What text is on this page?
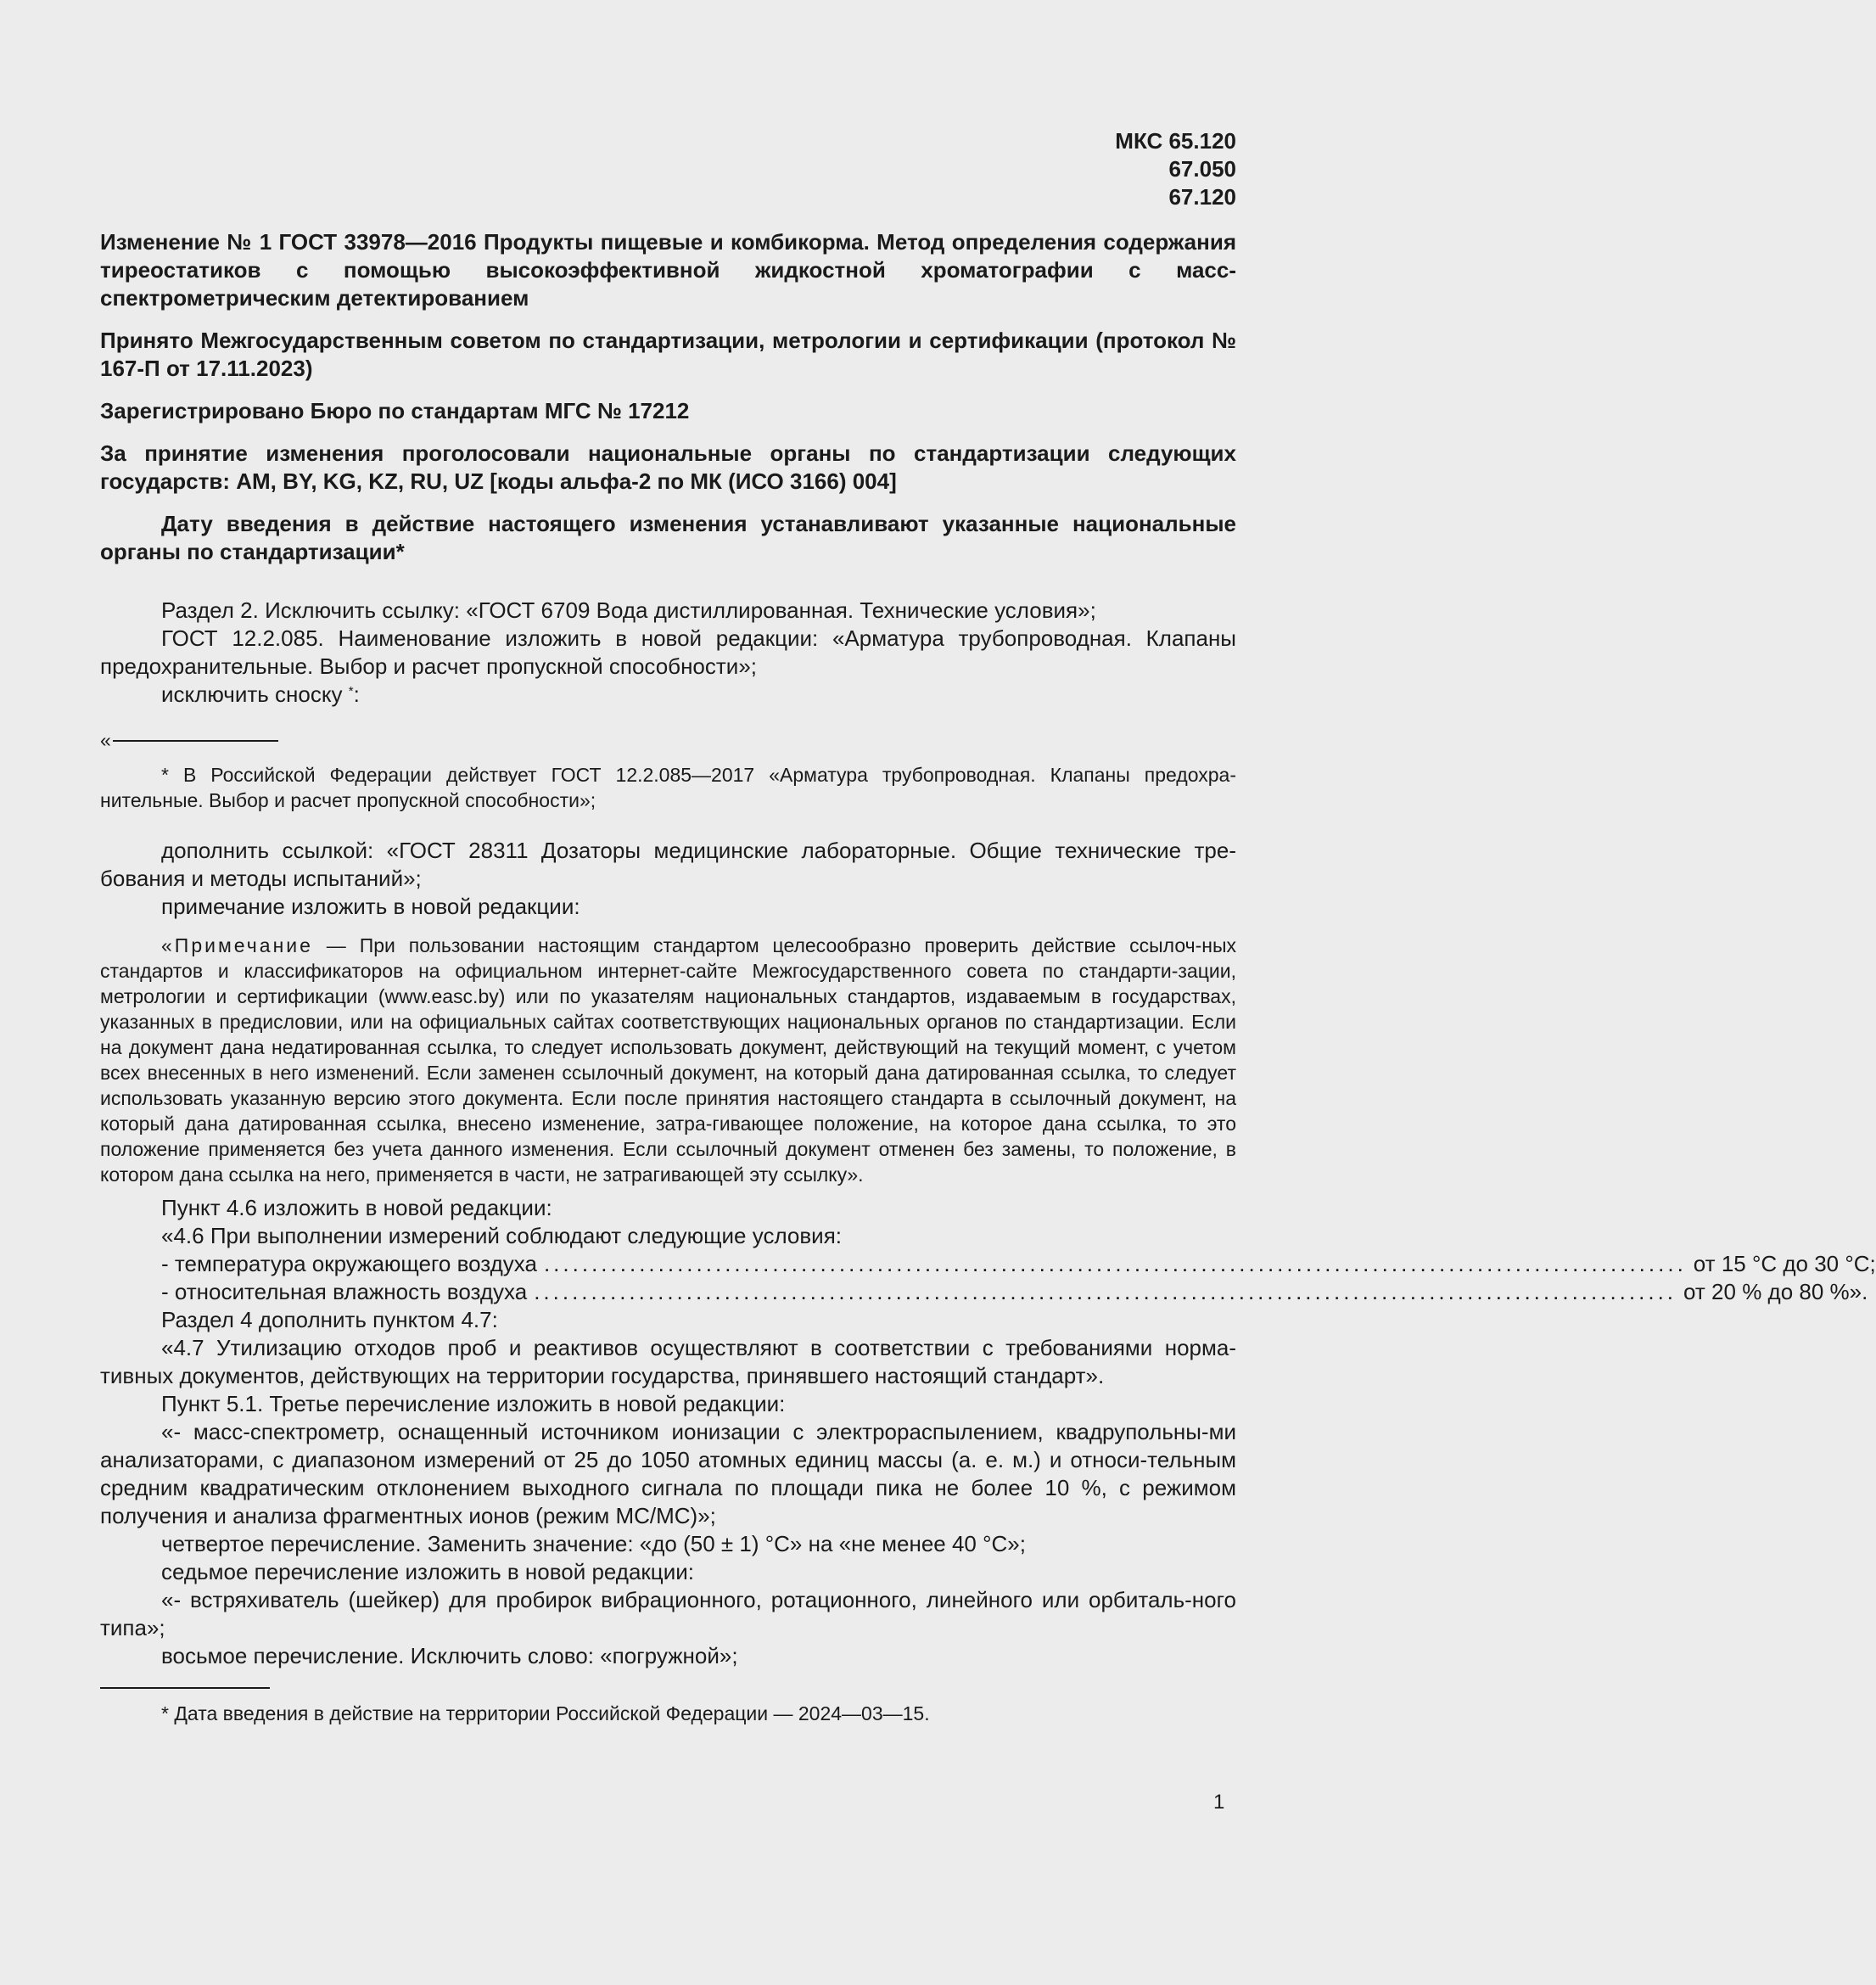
МКС 65.120
67.050
67.120

Изменение № 1 ГОСТ 33978—2016 Продукты пищевые и комбикорма. Метод определения содержания тиреостатиков с помощью высокоэффективной жидкостной хроматографии с масс-спектрометрическим детектированием

Принято Межгосударственным советом по стандартизации, метрологии и сертификации (протокол № 167-П от 17.11.2023)

Зарегистрировано Бюро по стандартам МГС № 17212

За принятие изменения проголосовали национальные органы по стандартизации следующих государств: AM, BY, KG, KZ, RU, UZ [коды альфа-2 по МК (ИСО 3166) 004]

Дату введения в действие настоящего изменения устанавливают указанные национальные органы по стандартизации*

Раздел 2. Исключить ссылку: «ГОСТ 6709 Вода дистиллированная. Технические условия»;

ГОСТ 12.2.085. Наименование изложить в новой редакции: «Арматура трубопроводная. Клапаны предохранительные. Выбор и расчет пропускной способности»;

исключить сноску *:

«

* В Российской Федерации действует ГОСТ 12.2.085—2017 «Арматура трубопроводная. Клапаны предохра-нительные. Выбор и расчет пропускной способности»;

дополнить ссылкой: «ГОСТ 28311 Дозаторы медицинские лабораторные. Общие технические тре-бования и методы испытаний»;

примечание изложить в новой редакции:

«Примечание — При пользовании настоящим стандартом целесообразно проверить действие ссылоч-ных стандартов и классификаторов на официальном интернет-сайте Межгосударственного совета по стандарти-зации, метрологии и сертификации (www.easc.by) или по указателям национальных стандартов, издаваемым в государствах, указанных в предисловии, или на официальных сайтах соответствующих национальных органов по стандартизации. Если на документ дана недатированная ссылка, то следует использовать документ, действующий на текущий момент, с учетом всех внесенных в него изменений. Если заменен ссылочный документ, на который дана датированная ссылка, то следует использовать указанную версию этого документа. Если после принятия настоящего стандарта в ссылочный документ, на который дана датированная ссылка, внесено изменение, затра-гивающее положение, на которое дана ссылка, то это положение применяется без учета данного изменения. Если ссылочный документ отменен без замены, то положение, в котором дана ссылка на него, применяется в части, не затрагивающей эту ссылку».

Пункт 4.6 изложить в новой редакции:

«4.6 При выполнении измерений соблюдают следующие условия:

- температура окружающего воздуха ........................................................................................................................ от 15 °С до 30 °С;
- относительная влажность воздуха ........................................................................................................................ от 20 % до 80 %».

Раздел 4 дополнить пунктом 4.7:

«4.7 Утилизацию отходов проб и реактивов осуществляют в соответствии с требованиями норма-тивных документов, действующих на территории государства, принявшего настоящий стандарт».

Пункт 5.1. Третье перечисление изложить в новой редакции:

«- масс-спектрометр, оснащенный источником ионизации с электрораспылением, квадрупольны-ми анализаторами, с диапазоном измерений от 25 до 1050 атомных единиц массы (а. е. м.) и относи-тельным средним квадратическим отклонением выходного сигнала по площади пика не более 10 %, с режимом получения и анализа фрагментных ионов (режим МС/МС)»;

четвертое перечисление. Заменить значение: «до (50 ± 1) °С» на «не менее 40 °С»;

седьмое перечисление изложить в новой редакции:

«- встряхиватель (шейкер) для пробирок вибрационного, ротационного, линейного или орбиталь-ного типа»;

восьмое перечисление. Исключить слово: «погружной»;

* Дата введения в действие на территории Российской Федерации — 2024—03—15.

1
